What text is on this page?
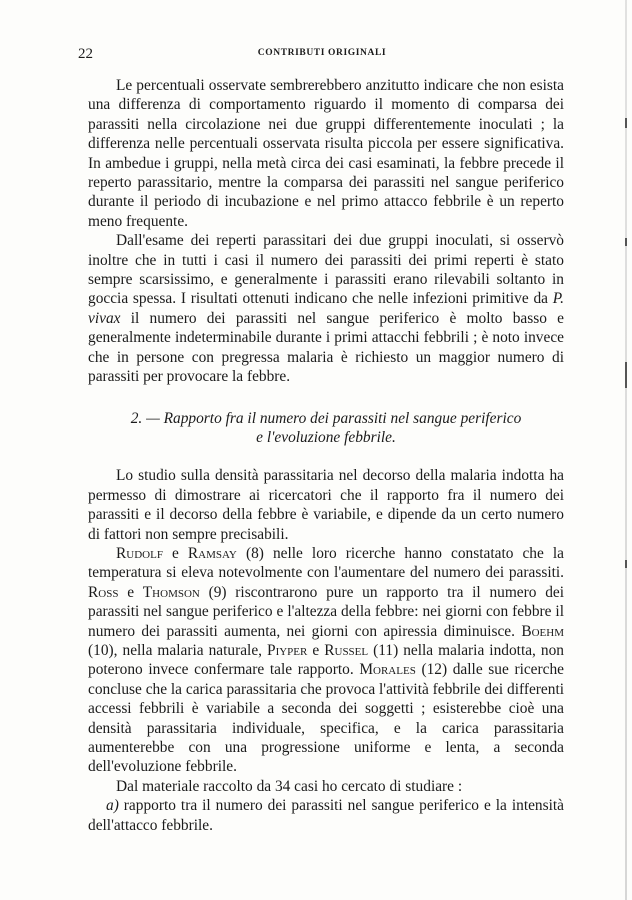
22	CONTRIBUTI ORIGINALI

Le percentuali osservate sembrerebbero anzitutto indicare che non esista una differenza di comportamento riguardo il momento di comparsa dei parassiti nella circolazione nei due gruppi differentemente inoculati ; la differenza nelle percentuali osservata risulta piccola per essere significativa. In ambedue i gruppi, nella metà circa dei casi esaminati, la febbre precede il reperto parassitario, mentre la comparsa dei parassiti nel sangue periferico durante il periodo di incubazione e nel primo attacco febbrile è un reperto meno frequente.

Dall'esame dei reperti parassitari dei due gruppi inoculati, si osservò inoltre che in tutti i casi il numero dei parassiti dei primi reperti è stato sempre scarsissimo, e generalmente i parassiti erano rilevabili soltanto in goccia spessa. I risultati ottenuti indicano che nelle infezioni primitive da P. vivax il numero dei parassiti nel sangue periferico è molto basso e generalmente indeterminabile durante i primi attacchi febbrili ; è noto invece che in persone con pregressa malaria è richiesto un maggior numero di parassiti per provocare la febbre.

2. — Rapporto fra il numero dei parassiti nel sangue periferico
e l'evoluzione febbrile.

Lo studio sulla densità parassitaria nel decorso della malaria indotta ha permesso di dimostrare ai ricercatori che il rapporto fra il numero dei parassiti e il decorso della febbre è variabile, e dipende da un certo numero di fattori non sempre precisabili.

Rudolf e Ramsay (8) nelle loro ricerche hanno constatato che la temperatura si eleva notevolmente con l'aumentare del numero dei parassiti. Ross e Thomson (9) riscontrarono pure un rapporto tra il numero dei parassiti nel sangue periferico e l'altezza della febbre: nei giorni con febbre il numero dei parassiti aumenta, nei giorni con apiressia diminuisce. Boehm (10), nella malaria naturale, Piyper e Russel (11) nella malaria indotta, non poterono invece confermare tale rapporto. Morales (12) dalle sue ricerche concluse che la carica parassitaria che provoca l'attività febbrile dei differenti accessi febbrili è variabile a seconda dei soggetti ; esisterebbe cioè una densità parassitaria individuale, specifica, e la carica parassitaria aumenterebbe con una progressione uniforme e lenta, a seconda dell'evoluzione febbrile.

Dal materiale raccolto da 34 casi ho cercato di studiare :

a) rapporto tra il numero dei parassiti nel sangue periferico e la intensità dell'attacco febbrile.
